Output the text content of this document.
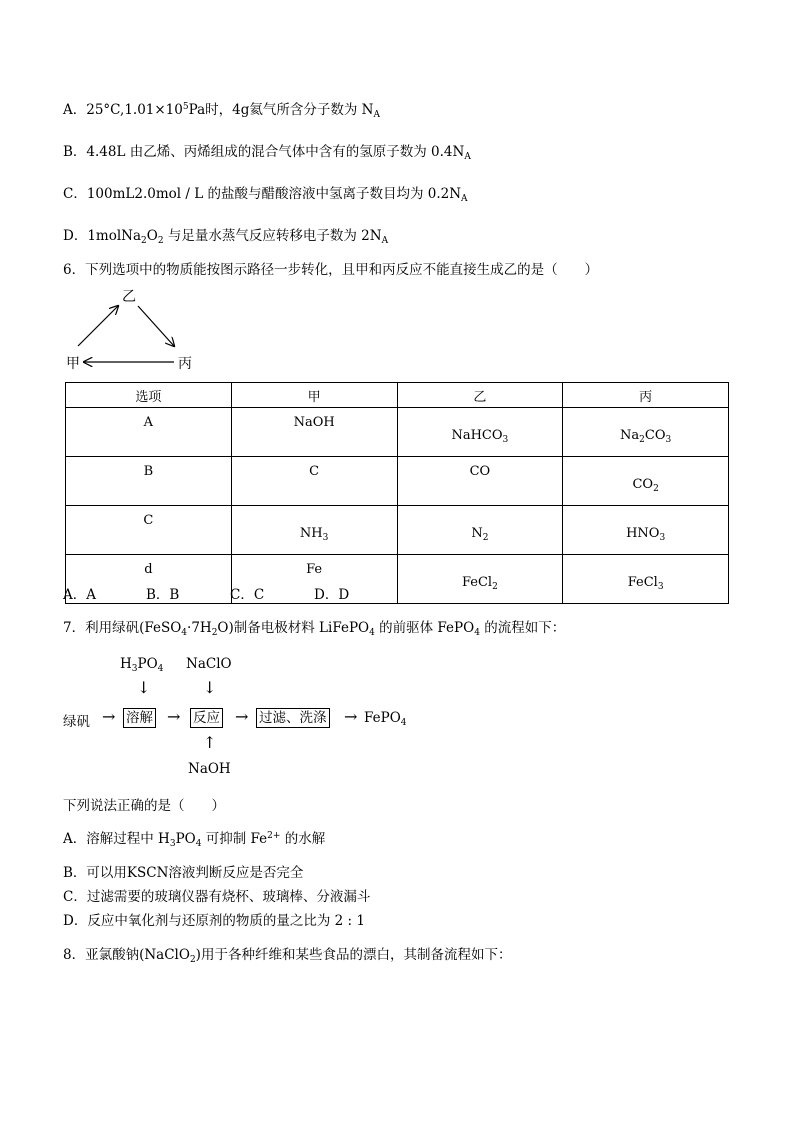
A．$25^\circ C,1.01\times 10^5Pa$时，4g氦气所含分子数为 $N_A$
B．4.48L 由乙烯、丙烯组成的混合气体中含有的氢原子数为 $0.4N_A$
C．100mL2.0mol / L 的盐酸与醋酸溶液中氢离子数目均为 $0.2N_A$
D．$1molNa_2O_2$ 与足量水蒸气反应转移电子数为 $2N_A$
6．下列选项中的物质能按图示路径一步转化，且甲和丙反应不能直接生成乙的是（　　）
乙
甲	丙
选项	甲	乙	丙
A	NaOH	NaHCO$_3$	$Na_2CO_3$
B	C	CO	$CO_2$
C	$NH_3$	$N_2$	$HNO_3$
d	Fe	FeCl$_2$	FeCl$_3$
A．A	B．B	C．C	D．D
7．利用绿矾$(FeSO_4\cdot 7H_2O)$制备电极材料 LiFePO$_4$ 的前驱体 FePO$_4$ 的流程如下：
$H_3PO_4$ NaClO
↓	↓
绿矾 → 溶解 → 反应 → 过滤、洗涤 → FePO$_4$
↑
NaOH
下列说法正确的是（　　）
A．溶解过程中 $H_3PO_4$ 可抑制 $Fe^{2+}$ 的水解
B．可以用KSCN溶液判断反应是否完全
C．过滤需要的玻璃仪器有烧杯、玻璃棒、分液漏斗
D．反应中氧化剂与还原剂的物质的量之比为 2 : 1
8．亚氯酸钠(NaClO$_2$)用于各种纤维和某些食品的漂白，其制备流程如下：
